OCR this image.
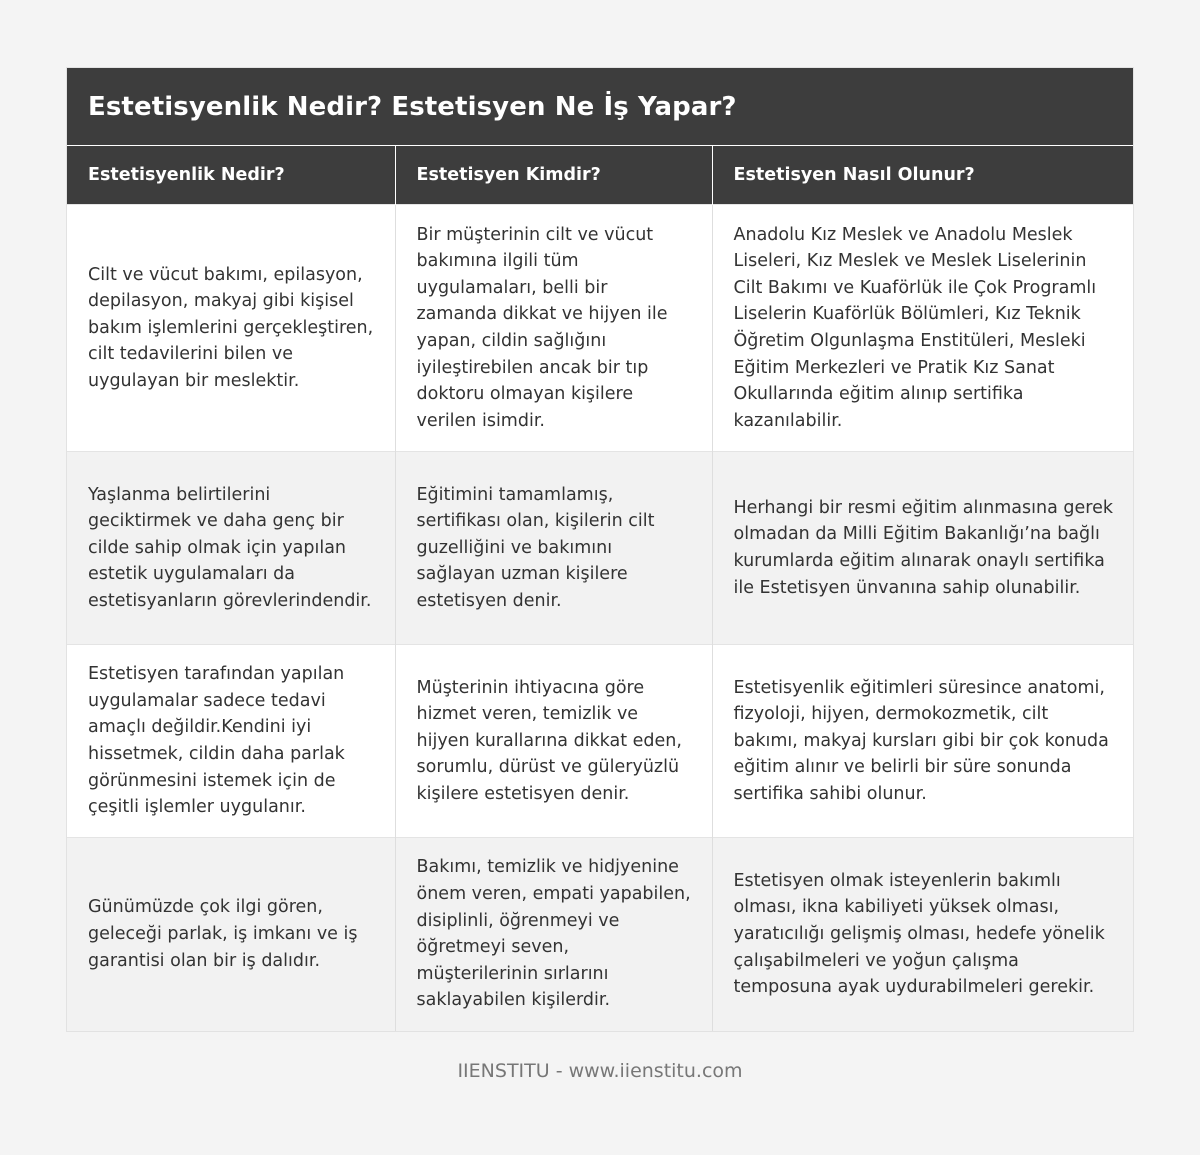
Estetisyenlik Nedir? Estetisyen Ne İş Yapar?
Estetisyenlik Nedir?	Estetisyen Kimdir?	Estetisyen Nasıl Olunur?
Cilt ve vücut bakımı, epilasyon, depilasyon, makyaj gibi kişisel bakım işlemlerini gerçekleştiren, cilt tedavilerini bilen ve uygulayan bir meslektir.	Bir müşterinin cilt ve vücut bakımına ilgili tüm uygulamaları, belli bir zamanda dikkat ve hijyen ile yapan, cildin sağlığını iyileştirebilen ancak bir tıp doktoru olmayan kişilere verilen isimdir.	Anadolu Kız Meslek ve Anadolu Meslek Liseleri, Kız Meslek ve Meslek Liselerinin Cilt Bakımı ve Kuaförlük ile Çok Programlı Liselerin Kuaförlük Bölümleri, Kız Teknik Öğretim Olgunlaşma Enstitüleri, Mesleki Eğitim Merkezleri ve Pratik Kız Sanat Okullarında eğitim alınıp sertifika kazanılabilir.
Yaşlanma belirtilerini geciktirmek ve daha genç bir cilde sahip olmak için yapılan estetik uygulamaları da estetisyanların görevlerindendir.	Eğitimini tamamlamış, sertifikası olan, kişilerin cilt guzelliğini ve bakımını sağlayan uzman kişilere estetisyen denir.	Herhangi bir resmi eğitim alınmasına gerek olmadan da Milli Eğitim Bakanlığı’na bağlı kurumlarda eğitim alınarak onaylı sertifika ile Estetisyen ünvanına sahip olunabilir.
Estetisyen tarafından yapılan uygulamalar sadece tedavi amaçlı değildir.Kendini iyi hissetmek, cildin daha parlak görünmesini istemek için de çeşitli işlemler uygulanır.	Müşterinin ihtiyacına göre hizmet veren, temizlik ve hijyen kurallarına dikkat eden, sorumlu, dürüst ve güleryüzlü kişilere estetisyen denir.	Estetisyenlik eğitimleri süresince anatomi, fizyoloji, hijyen, dermokozmetik, cilt bakımı, makyaj kursları gibi bir çok konuda eğitim alınır ve belirli bir süre sonunda sertifika sahibi olunur.
Günümüzde çok ilgi gören, geleceği parlak, iş imkanı ve iş garantisi olan bir iş dalıdır.	Bakımı, temizlik ve hidjyenine önem veren, empati yapabilen, disiplinli, öğrenmeyi ve öğretmeyi seven, müşterilerinin sırlarını saklayabilen kişilerdir.	Estetisyen olmak isteyenlerin bakımlı olması, ikna kabiliyeti yüksek olması, yaratıcılığı gelişmiş olması, hedefe yönelik çalışabilmeleri ve yoğun çalışma temposuna ayak uydurabilmeleri gerekir.
IIENSTITU - www.iienstitu.com
